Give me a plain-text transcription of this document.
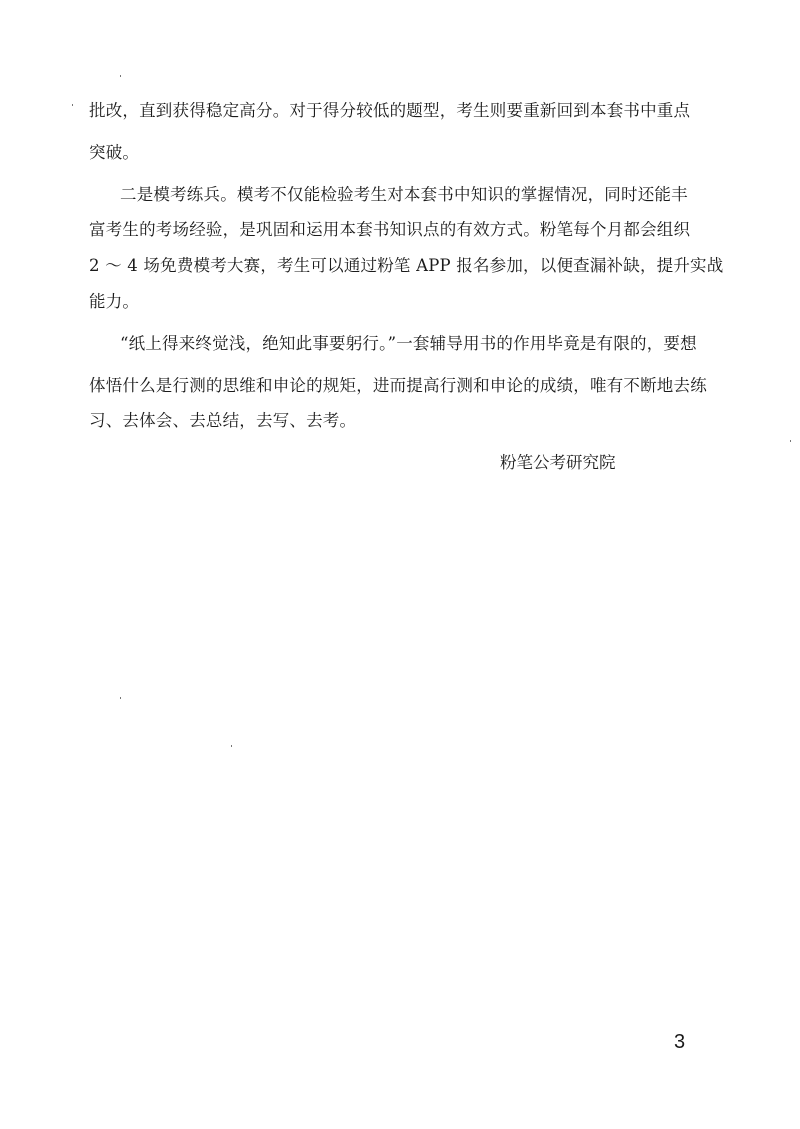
批改，直到获得稳定高分。对于得分较低的题型，考生则要重新回到本套书中重点
突破。
二是模考练兵。模考不仅能检验考生对本套书中知识的掌握情况，同时还能丰
富考生的考场经验，是巩固和运用本套书知识点的有效方式。粉笔每个月都会组织
2 ～ 4 场免费模考大赛，考生可以通过粉笔 APP 报名参加，以便查漏补缺，提升实战
能力。
“纸上得来终觉浅，绝知此事要躬行。”一套辅导用书的作用毕竟是有限的，要想
体悟什么是行测的思维和申论的规矩，进而提高行测和申论的成绩，唯有不断地去练
习、去体会、去总结，去写、去考。
粉笔公考研究院
3
